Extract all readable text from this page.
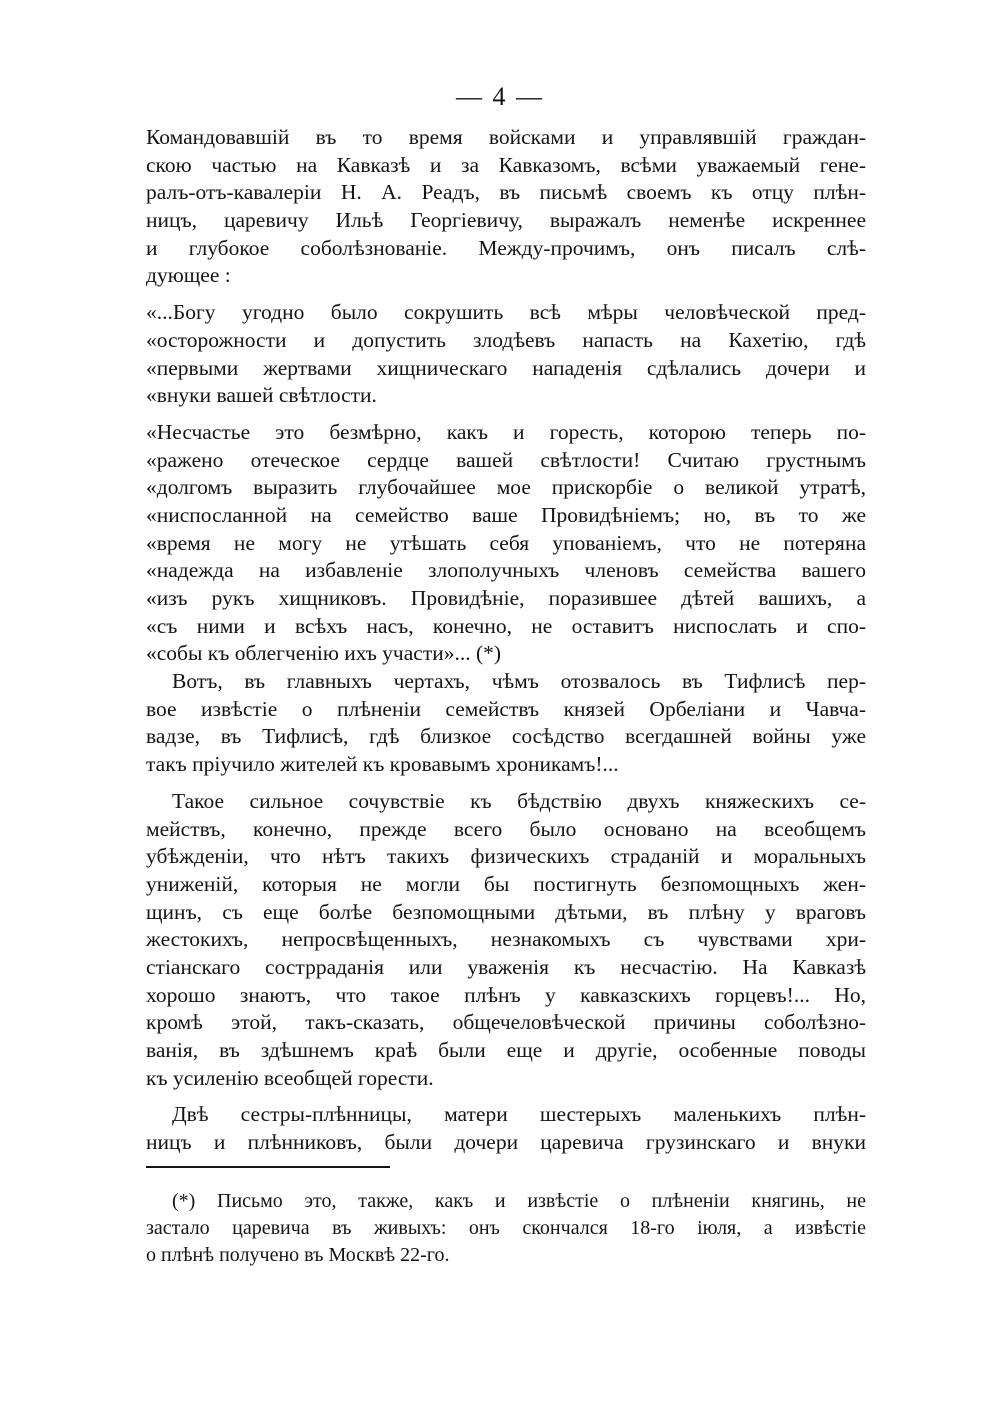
— 4 —
Командовавшій въ то время войсками и управлявшій граждан-
скою частью на Кавказѣ и за Кавказомъ, всѣми уважаемый гене-
ралъ-отъ-кавалеріи Н. А. Реадъ, въ письмѣ своемъ къ отцу плѣн-
ницъ, царевичу Ильѣ Георгіевичу, выражалъ неменѣе искреннее
и глубокое соболѣзнованіе. Между-прочимъ, онъ писалъ слѣ-
дующее :
«...Богу угодно было сокрушить всѣ мѣры человѣческой пред-
«осторожности и допустить злодѣевъ напасть на Кахетію, гдѣ
«первыми жертвами хищническаго нападенія сдѣлались дочери и
«внуки вашей свѣтлости.
«Несчастье это безмѣрно, какъ и горесть, которою теперь по-
«ражено отеческое сердце вашей свѣтлости! Считаю грустнымъ
«долгомъ выразить глубочайшее мое прискорбіе о великой утратѣ,
«ниспосланной на семейство ваше Провидѣніемъ; но, въ то же
«время не могу не утѣшать себя упованіемъ, что не потеряна
«надежда на избавленіе злополучныхъ членовъ семейства вашего
«изъ рукъ хищниковъ. Провидѣніе, поразившее дѣтей вашихъ, а
«съ ними и всѣхъ насъ, конечно, не оставитъ ниспослать и спо-
«собы къ облегченію ихъ участи»... (*)
Вотъ, въ главныхъ чертахъ, чѣмъ отозвалось въ Тифлисѣ пер-
вое извѣстіе о плѣненіи семействъ князей Орбеліани и Чавча-
вадзе, въ Тифлисѣ, гдѣ близкое сосѣдство всегдашней войны уже
такъ пріучило жителей къ кровавымъ хроникамъ!...
Такое сильное сочувствіе къ бѣдствію двухъ княжескихъ се-
мействъ, конечно, прежде всего было основано на всеобщемъ
убѣжденіи, что нѣтъ такихъ физическихъ страданій и моральныхъ
униженій, которыя не могли бы постигнуть безпомощныхъ жен-
щинъ, съ еще болѣе безпомощными дѣтьми, въ плѣну у враговъ
жестокихъ, непросвѣщенныхъ, незнакомыхъ съ чувствами хри-
стіанскаго сострраданія или уваженія къ несчастію. На Кавказѣ
хорошо знаютъ, что такое плѣнъ у кавказскихъ горцевъ!... Но,
кромѣ этой, такъ-сказать, общечеловѣческой причины соболѣзно-
ванія, въ здѣшнемъ краѣ были еще и другіе, особенные поводы
къ усиленію всеобщей горести.
Двѣ сестры-плѣнницы, матери шестерыхъ маленькихъ плѣн-
ницъ и плѣнниковъ, были дочери царевича грузинскаго и внуки
(*) Письмо это, также, какъ и извѣстіе о плѣненіи княгинь, не
застало царевича въ живыхъ: онъ скончался 18-го іюля, а извѣстіе
о плѣнѣ получено въ Москвѣ 22-го.
